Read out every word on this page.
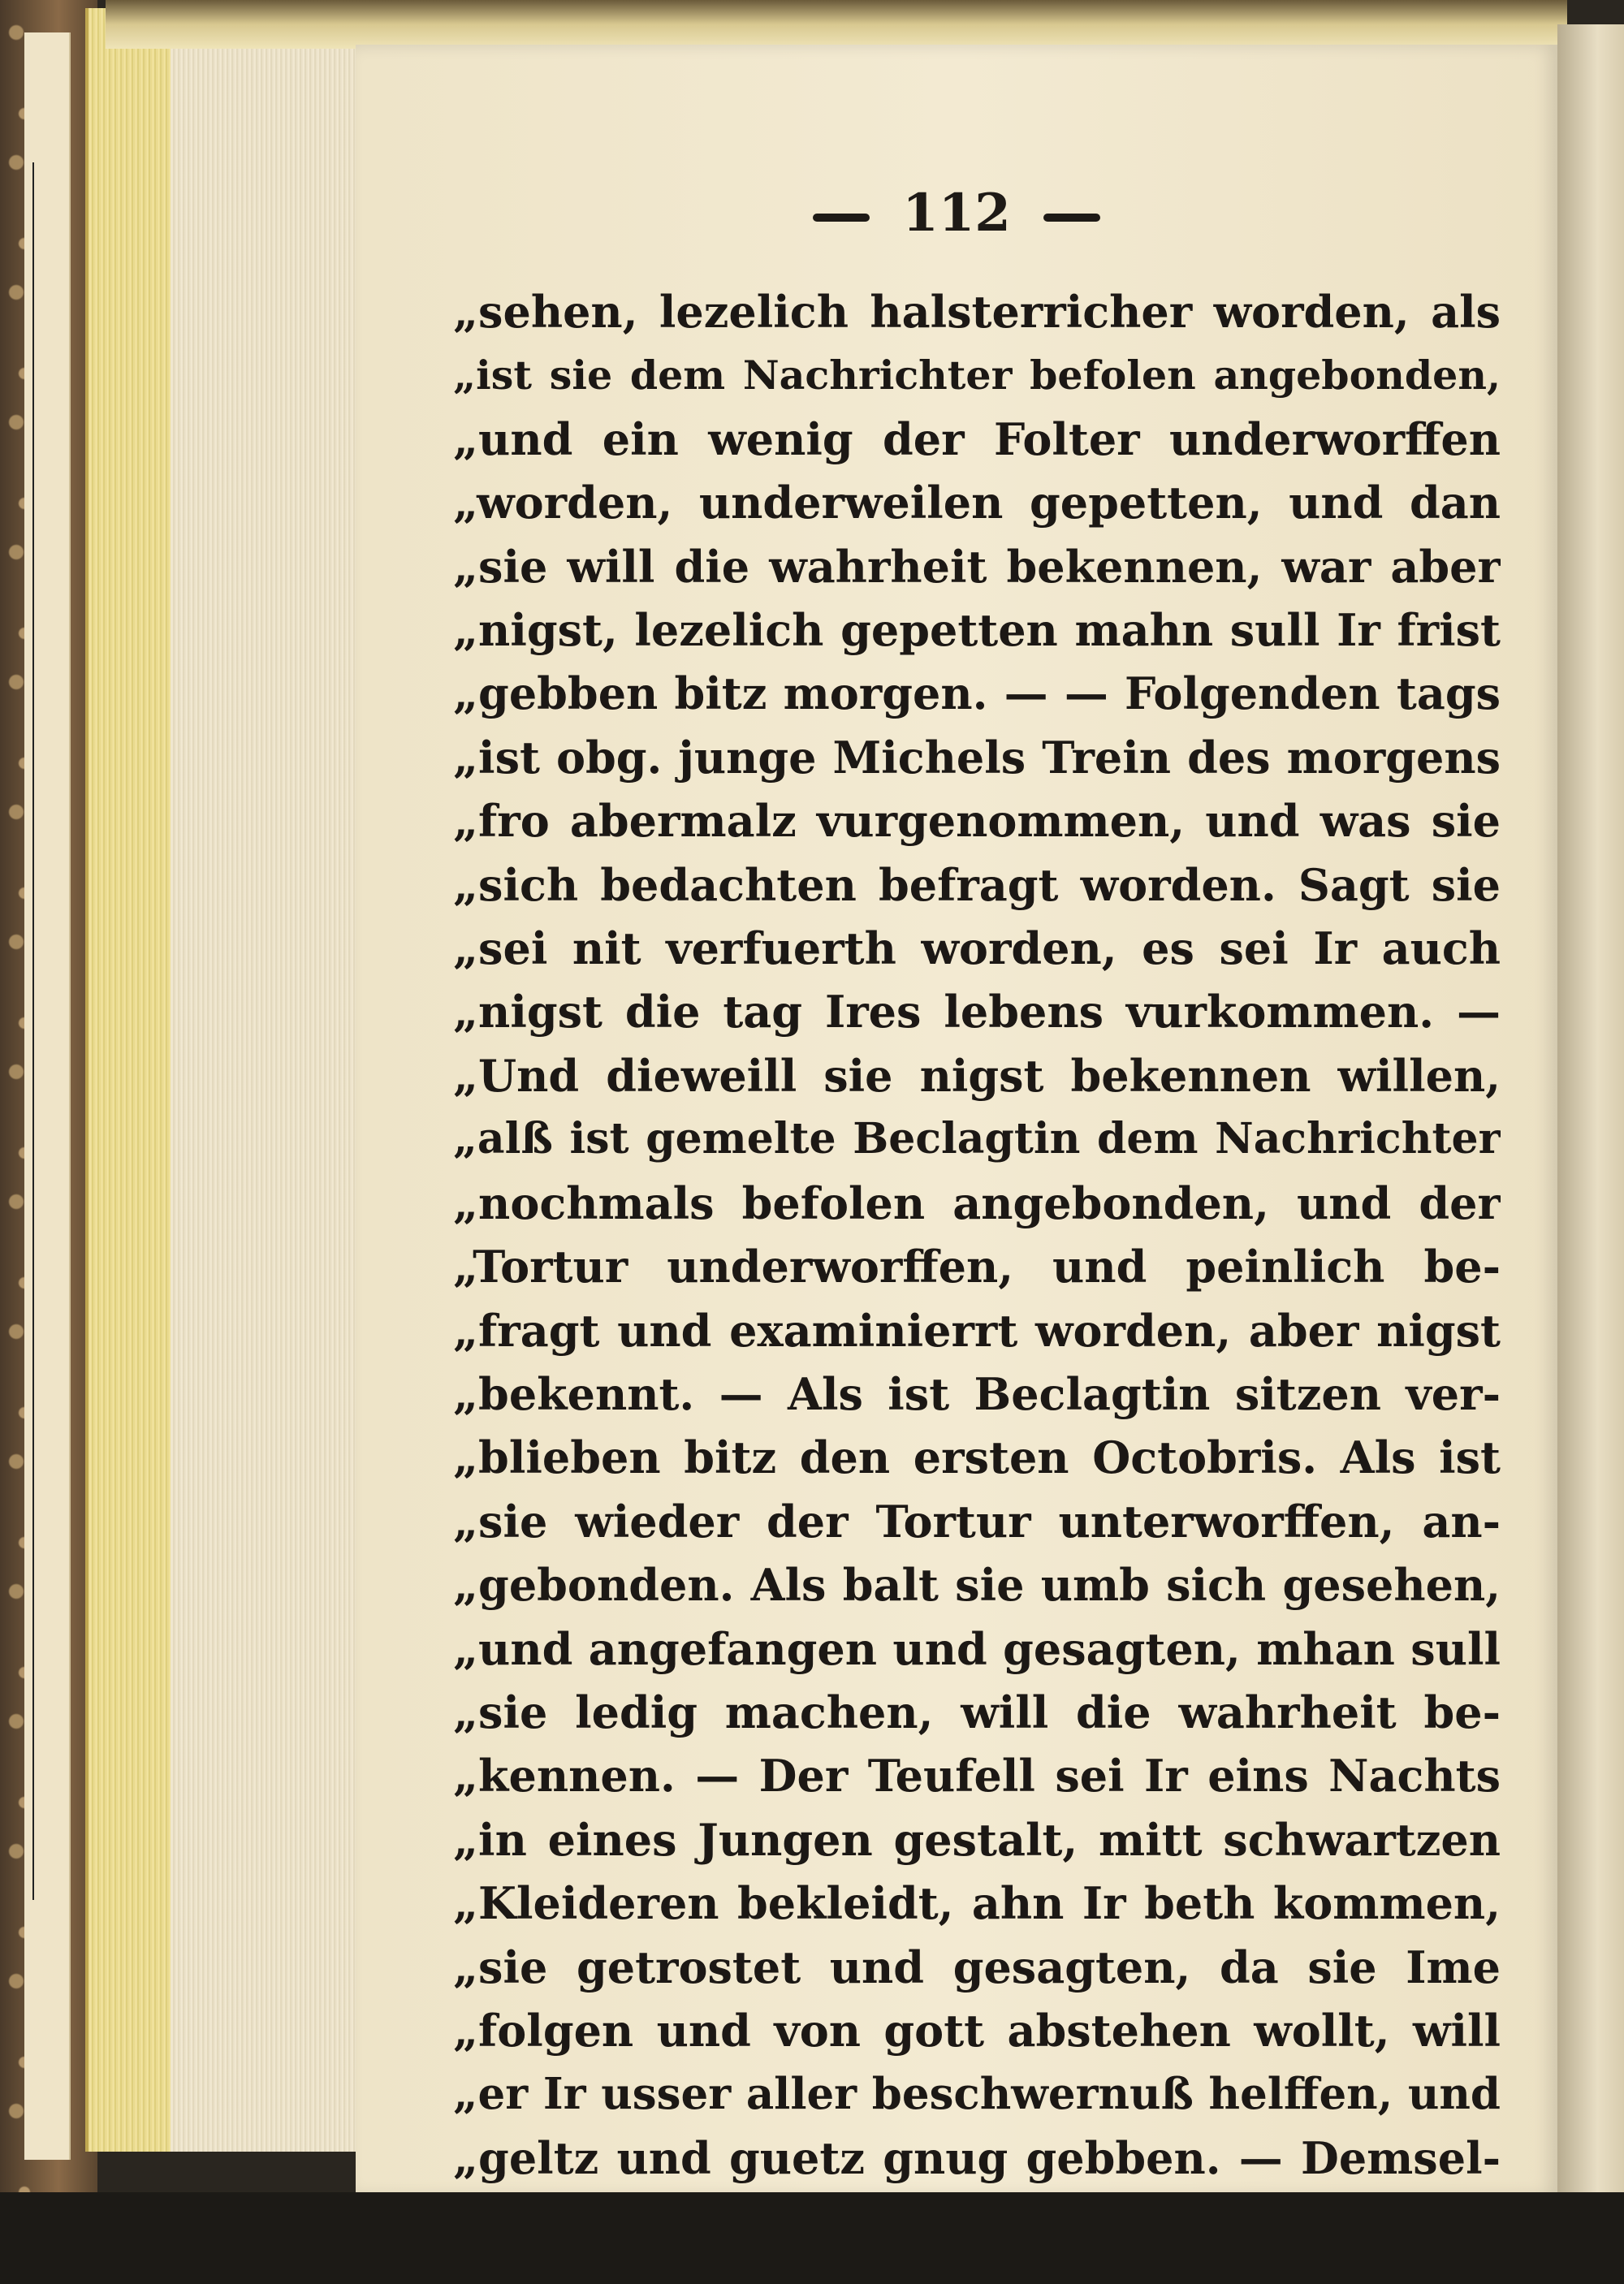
112
„sehen, lezelich halsterricher worden, als
„ist sie dem Nachrichter befolen angebonden,
„und ein wenig der Folter underworffen
„worden, underweilen gepetten, und dan
„sie will die wahrheit bekennen, war aber
„nigst, lezelich gepetten mahn sull Ir frist
„gebben bitz morgen. — — Folgenden tags
„ist obg. junge Michels Trein des morgens
„fro abermalz vurgenommen, und was sie
„sich bedachten befragt worden. Sagt sie
„sei nit verfuerth worden, es sei Ir auch
„nigst die tag Ires lebens vurkommen. —
„Und dieweill sie nigst bekennen willen,
„alß ist gemelte Beclagtin dem Nachrichter
„nochmals befolen angebonden, und der
„Tortur underworffen, und peinlich be-
„fragt und examinierrt worden, aber nigst
„bekennt. — Als ist Beclagtin sitzen ver-
„blieben bitz den ersten Octobris. Als ist
„sie wieder der Tortur unterworffen, an-
„gebonden. Als balt sie umb sich gesehen,
„und angefangen und gesagten, mhan sull
„sie ledig machen, will die wahrheit be-
„kennen. — Der Teufell sei Ir eins Nachts
„in eines Jungen gestalt, mitt schwartzen
„Kleideren bekleidt, ahn Ir beth kommen,
„sie getrostet und gesagten, da sie Ime
„folgen und von gott abstehen wollt, will
„er Ir usser aller beschwernuß helffen, und
„geltz und guetz gnug gebben. — Demsel-
